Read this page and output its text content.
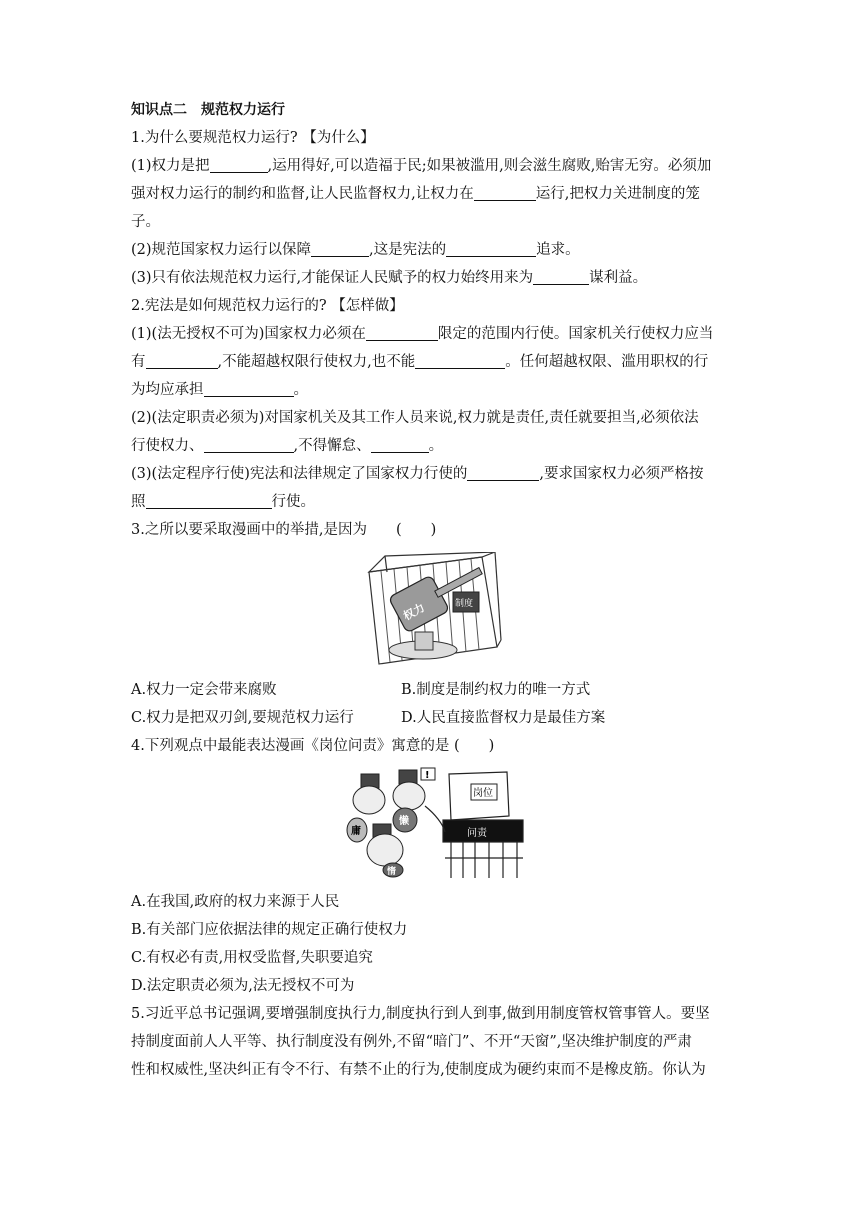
知识点二　规范权力运行
1.为什么要规范权力运行? 【为什么】
(1)权力是把	,运用得好,可以造福于民;如果被滥用,则会滋生腐败,贻害无穷。必须加
强对权力运行的制约和监督,让人民监督权力,让权力在	运行,把权力关进制度的笼
子。
(2)规范国家权力运行以保障	,这是宪法的	追求。
(3)只有依法规范权力运行,才能保证人民赋予的权力始终用来为	谋利益。
2.宪法是如何规范权力运行的? 【怎样做】
(1)(法无授权不可为)国家权力必须在	限定的范围内行使。国家机关行使权力应当
有	,不能超越权限行使权力,也不能	。任何超越权限、滥用职权的行
为均应承担	。
(2)(法定职责必须为)对国家机关及其工作人员来说,权力就是责任,责任就要担当,必须依法
行使权力、	,不得懈怠、	。
(3)(法定程序行使)宪法和法律规定了国家权力行使的	,要求国家权力必须严格按
照	行使。
3.之所以要采取漫画中的举措,是因为　　(　　)
权力	制度
A.权力一定会带来腐败	B.制度是制约权力的唯一方式
C.权力是把双刃剑,要规范权力运行	D.人民直接监督权力是最佳方案
4.下列观点中最能表达漫画《岗位问责》寓意的是 (　　)
庸
懒
惰
!
岗位
问责
A.在我国,政府的权力来源于人民
B.有关部门应依据法律的规定正确行使权力
C.有权必有责,用权受监督,失职要追究
D.法定职责必须为,法无授权不可为
5.习近平总书记强调,要增强制度执行力,制度执行到人到事,做到用制度管权管事管人。要坚
持制度面前人人平等、执行制度没有例外,不留“暗门”、不开“天窗”,坚决维护制度的严肃
性和权威性,坚决纠正有令不行、有禁不止的行为,使制度成为硬约束而不是橡皮筋。你认为
